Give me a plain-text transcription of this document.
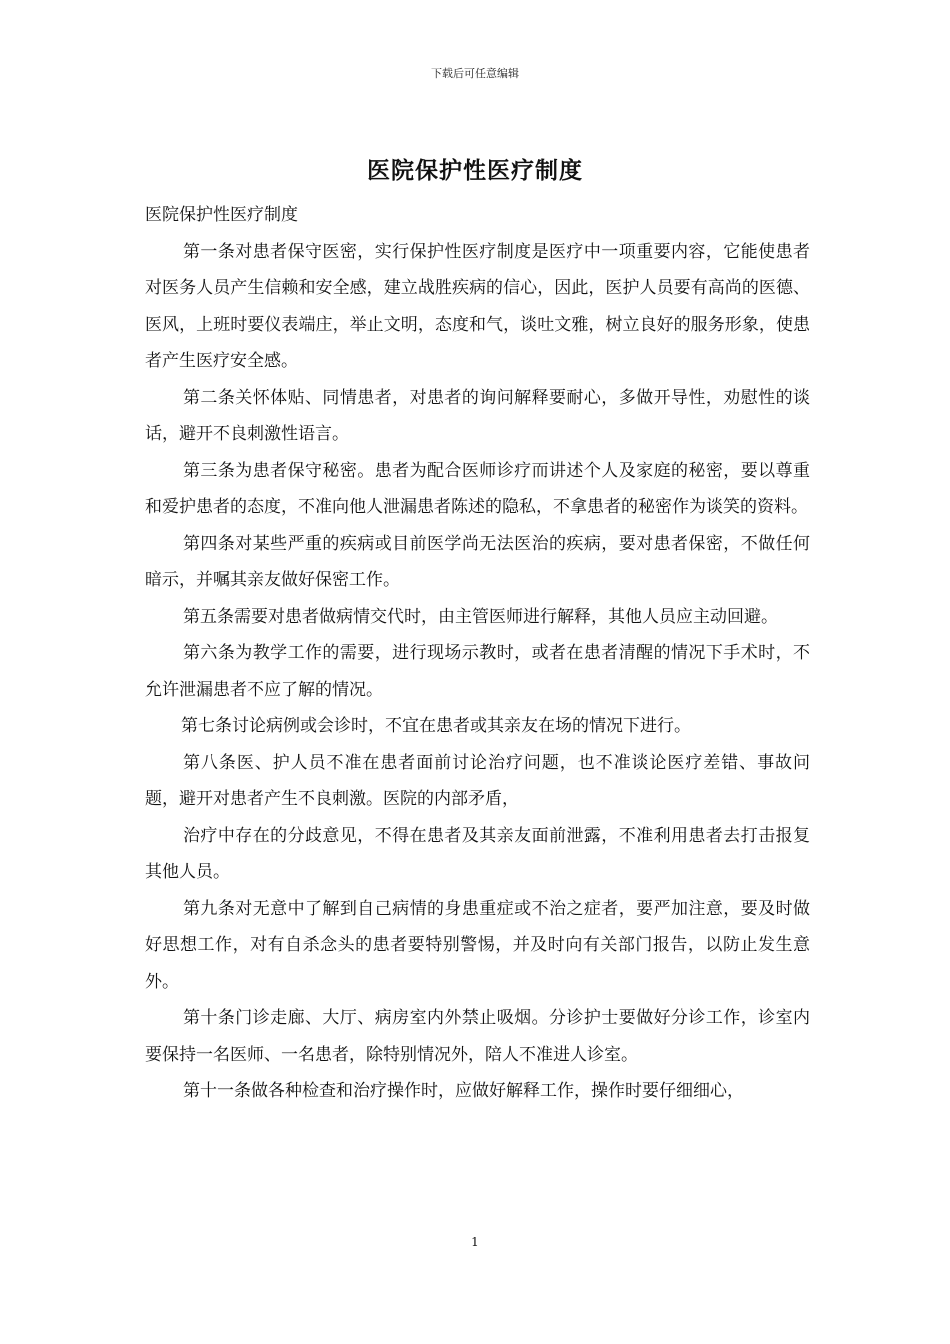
下载后可任意编辑
医院保护性医疗制度

医院保护性医疗制度

第一条对患者保守医密，实行保护性医疗制度是医疗中一项重要内容，它能使患者对医务人员产生信赖和安全感，建立战胜疾病的信心，因此，医护人员要有高尚的医德、医风，上班时要仪表端庄，举止文明，态度和气，谈吐文雅，树立良好的服务形象，使患者产生医疗安全感。

第二条关怀体贴、同情患者，对患者的询问解释要耐心，多做开导性，劝慰性的谈话，避开不良刺激性语言。

第三条为患者保守秘密。患者为配合医师诊疗而讲述个人及家庭的秘密，要以尊重和爱护患者的态度，不准向他人泄漏患者陈述的隐私，不拿患者的秘密作为谈笑的资料。

第四条对某些严重的疾病或目前医学尚无法医治的疾病，要对患者保密，不做任何暗示，并嘱其亲友做好保密工作。

第五条需要对患者做病情交代时，由主管医师进行解释，其他人员应主动回避。

第六条为教学工作的需要，进行现场示教时，或者在患者清醒的情况下手术时，不允许泄漏患者不应了解的情况。

第七条讨论病例或会诊时，不宜在患者或其亲友在场的情况下进行。

第八条医、护人员不准在患者面前讨论治疗问题，也不准谈论医疗差错、事故问题，避开对患者产生不良刺激。医院的内部矛盾，

治疗中存在的分歧意见，不得在患者及其亲友面前泄露，不准利用患者去打击报复其他人员。

第九条对无意中了解到自己病情的身患重症或不治之症者，要严加注意，要及时做好思想工作，对有自杀念头的患者要特别警惕，并及时向有关部门报告，以防止发生意外。

第十条门诊走廊、大厅、病房室内外禁止吸烟。分诊护士要做好分诊工作，诊室内要保持一名医师、一名患者，除特别情况外，陪人不准进人诊室。

第十一条做各种检查和治疗操作时，应做好解释工作，操作时要仔细细心，

1
